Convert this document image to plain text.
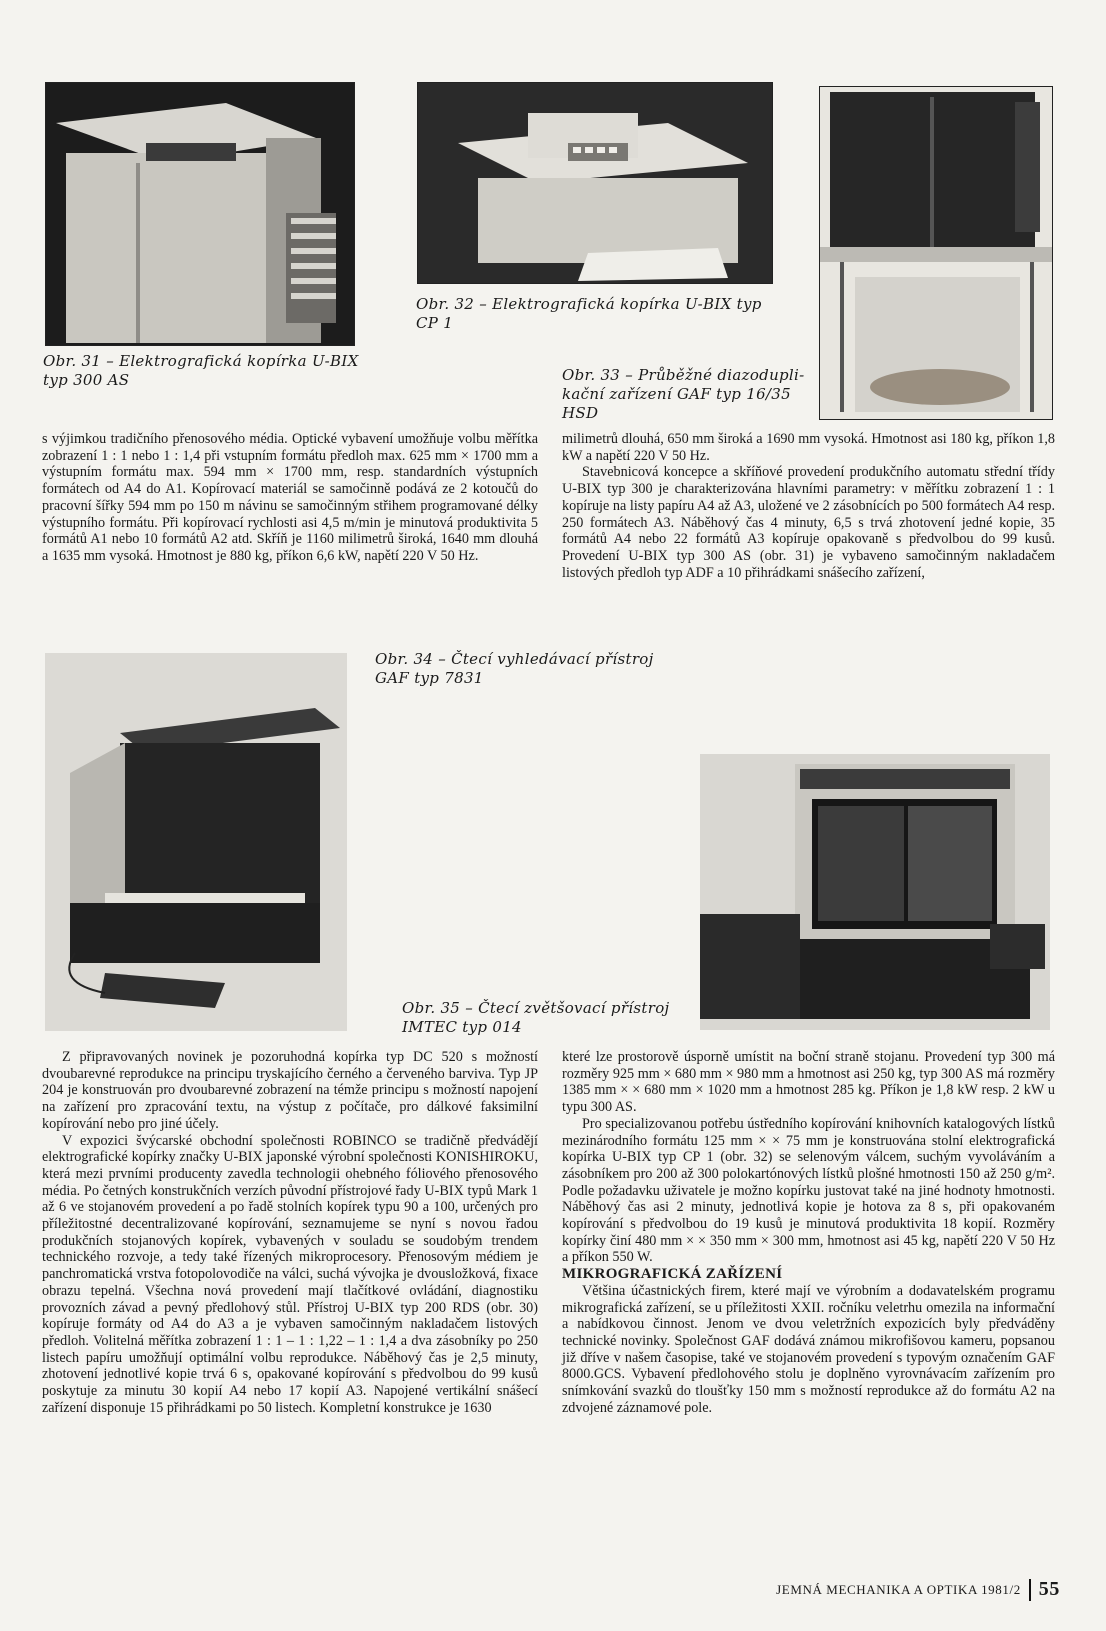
Obr. 31 – Elektrografická kopírka U-BIX typ 300 AS
Obr. 32 – Elektrografická kopírka U-BIX typ CP 1
Obr. 33 – Průběžné diazodupli-kační zařízení GAF typ 16/35 HSD
Obr. 34 – Čtecí vyhledávací přístroj GAF typ 7831
Obr. 35 – Čtecí zvětšovací přístroj IMTEC typ 014

s výjimkou tradičního přenosového média. Optické vybavení umožňuje volbu měřítka zobrazení 1 : 1 nebo 1 : 1,4 při vstupním formátu předloh max. 625 mm × 1700 mm a výstupním formátu max. 594 mm × 1700 mm, resp. standardních výstupních formátech od A4 do A1. Kopírovací materiál se samočinně podává ze 2 kotoučů do pracovní šířky 594 mm po 150 m návinu se samočinným střihem programované délky výstupního formátu. Při kopírovací rychlosti asi 4,5 m/min je minutová produktivita 5 formátů A1 nebo 10 formátů A2 atd. Skříň je 1160 milimetrů široká, 1640 mm dlouhá a 1635 mm vysoká. Hmotnost je 880 kg, příkon 6,6 kW, napětí 220 V 50 Hz.

milimetrů dlouhá, 650 mm široká a 1690 mm vysoká. Hmotnost asi 180 kg, příkon 1,8 kW a napětí 220 V 50 Hz.

Stavebnicová koncepce a skříňové provedení produkčního automatu střední třídy U-BIX typ 300 je charakterizována hlavními parametry: v měřítku zobrazení 1 : 1 kopíruje na listy papíru A4 až A3, uložené ve 2 zásobnících po 500 formátech A4 resp. 250 formátech A3. Náběhový čas 4 minuty, 6,5 s trvá zhotovení jedné kopie, 35 formátů A4 nebo 22 formátů A3 kopíruje opakovaně s předvolbou do 99 kusů. Provedení U-BIX typ 300 AS (obr. 31) je vybaveno samočinným nakladačem listových předloh typ ADF a 10 přihrádkami snášecího zařízení,

Z připravovaných novinek je pozoruhodná kopírka typ DC 520 s možností dvoubarevné reprodukce na principu tryskajícího černého a červeného barviva. Typ JP 204 je konstruován pro dvoubarevné zobrazení na témže principu s možností napojení na zařízení pro zpracování textu, na výstup z počítače, pro dálkové faksimilní kopírování nebo pro jiné účely.

V expozici švýcarské obchodní společnosti ROBINCO se tradičně předvádějí elektrografické kopírky značky U-BIX japonské výrobní společnosti KONISHIROKU, která mezi prvními producenty zavedla technologii ohebného fóliového přenosového média. Po četných konstrukčních verzích původní přístrojové řady U-BIX typů Mark 1 až 6 ve stojanovém provedení a po řadě stolních kopírek typu 90 a 100, určených pro příležitostné decentralizované kopírování, seznamujeme se nyní s novou řadou produkčních stojanových kopírek, vybavených v souladu se soudobým trendem technického rozvoje, a tedy také řízených mikroprocesory. Přenosovým médiem je panchromatická vrstva fotopolovodiče na válci, suchá vývojka je dvousložková, fixace obrazu tepelná. Všechna nová provedení mají tlačítkové ovládání, diagnostiku provozních závad a pevný předlohový stůl. Přístroj U-BIX typ 200 RDS (obr. 30) kopíruje formáty od A4 do A3 a je vybaven samočinným nakladačem listových předloh. Volitelná měřítka zobrazení 1 : 1 – 1 : 1,22 – 1 : 1,4 a dva zásobníky po 250 listech papíru umožňují optimální volbu reprodukce. Náběhový čas je 2,5 minuty, zhotovení jednotlivé kopie trvá 6 s, opakované kopírování s předvolbou do 99 kusů poskytuje za minutu 30 kopií A4 nebo 17 kopií A3. Napojené vertikální snášecí zařízení disponuje 15 přihrádkami po 50 listech. Kompletní konstrukce je 1630

které lze prostorově úsporně umístit na boční straně stojanu. Provedení typ 300 má rozměry 925 mm × 680 mm × 980 mm a hmotnost asi 250 kg, typ 300 AS má rozměry 1385 mm × × 680 mm × 1020 mm a hmotnost 285 kg. Příkon je 1,8 kW resp. 2 kW u typu 300 AS.

Pro specializovanou potřebu ústředního kopírování knihovních katalogových lístků mezinárodního formátu 125 mm × × 75 mm je konstruována stolní elektrografická kopírka U-BIX typ CP 1 (obr. 32) se selenovým válcem, suchým vyvoláváním a zásobníkem pro 200 až 300 polokartónových lístků plošné hmotnosti 150 až 250 g/m². Podle požadavku uživatele je možno kopírku justovat také na jiné hodnoty hmotnosti. Náběhový čas asi 2 minuty, jednotlivá kopie je hotova za 8 s, při opakovaném kopírování s předvolbou do 19 kusů je minutová produktivita 18 kopií. Rozměry kopírky činí 480 mm × × 350 mm × 300 mm, hmotnost asi 45 kg, napětí 220 V 50 Hz a příkon 550 W.

MIKROGRAFICKÁ ZAŘÍZENÍ

Většina účastnických firem, které mají ve výrobním a dodavatelském programu mikrografická zařízení, se u příležitosti XXII. ročníku veletrhu omezila na informační a nabídkovou činnost. Jenom ve dvou veletržních expozicích byly předváděny technické novinky. Společnost GAF dodává známou mikrofišovou kameru, popsanou již dříve v našem časopise, také ve stojanovém provedení s typovým označením GAF 8000.GCS. Vybavení předlohového stolu je doplněno vyrovnávacím zařízením pro snímkování svazků do tloušťky 150 mm s možností reprodukce až do formátu A2 na zdvojené záznamové pole.

JEMNÁ MECHANIKA A OPTIKA 1981/2 55
